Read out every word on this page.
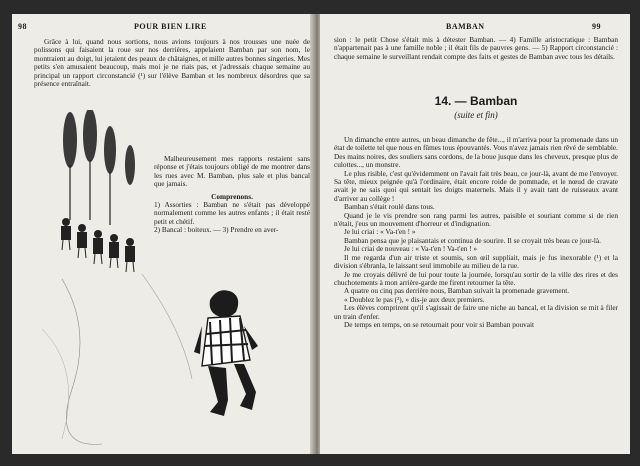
98	POUR BIEN LIRE

Grâce à lui, quand nous sortions, nous avions toujours à nos trousses une nuée de polissons qui faisaient la roue sur nos derrières, appelaient Bamban par son nom, le montraient au doigt, lui jetaient des peaux de châtaignes, et mille autres bonnes singeries. Mes petits s'en amusaient beaucoup, mais moi je ne riais pas, et j'adressais chaque semaine au principal un rapport circonstancié (¹) sur l'élève Bamban et les nombreux désordres que sa présence entraînait.

Malheureusement mes rapports restaient sans réponse et j'étais toujours obligé de me montrer dans les rues avec M. Bamban, plus sale et plus bancal que jamais.

Comprenons.

1) Assorties : Bamban ne s'était pas développé normalement comme les autres enfants ; il était resté petit et chétif.

2) Bancal : boiteux. — 3) Prendre en aver-

BAMBAN	99

sion : le petit Chose s'était mis à détester Bamban. — 4) Famille aristocratique : Bamban n'appartenait pas à une famille noble ; il était fils de pauvres gens. — 5) Rapport circonstancié : chaque semaine le surveillant rendait compte des faits et gestes de Bamban avec tous les détails.

14. — Bamban
(suite et fin)

Un dimanche entre autres, un beau dimanche de fête..., il m'arriva pour la promenade dans un état de toilette tel que nous en fûmes tous épouvantés. Vous n'avez jamais rien rêvé de semblable. Des mains noires, des souliers sans cordons, de la boue jusque dans les cheveux, presque plus de culottes..., un monstre.

Le plus risible, c'est qu'évidemment on l'avait fait très beau, ce jour-là, avant de me l'envoyer. Sa tête, mieux peignée qu'à l'ordinaire, était encore roide de pommade, et le nœud de cravate avait je ne sais quoi qui sentait les doigts maternels. Mais il y avait tant de ruisseaux avant d'arriver au collège !

Bamban s'était roulé dans tous.

Quand je le vis prendre son rang parmi les autres, paisible et souriant comme si de rien n'était, j'eus un mouvement d'horreur et d'indignation.

Je lui criai : « Va-t'en ! »

Bamban pensa que je plaisantais et continua de sourire. Il se croyait très beau ce jour-là.

Je lui criai de nouveau : « Va-t'en ! Va-t'en ! »

Il me regarda d'un air triste et soumis, son œil suppliait, mais je fus inexorable (¹) et la division s'ébranla, le laissant seul immobile au milieu de la rue.

Je me croyais délivré de lui pour toute la journée, lorsqu'au sortir de la ville des rires et des chuchotements à mon arrière-garde me firent retourner la tête.

A quatre ou cinq pas derrière nous, Bamban suivait la promenade gravement.

« Doublez le pas (²), » dis-je aux deux premiers.

Les élèves comprirent qu'il s'agissait de faire une niche au bancal, et la division se mit à filer un train d'enfer.

De temps en temps, on se retournait pour voir si Bamban pouvait
